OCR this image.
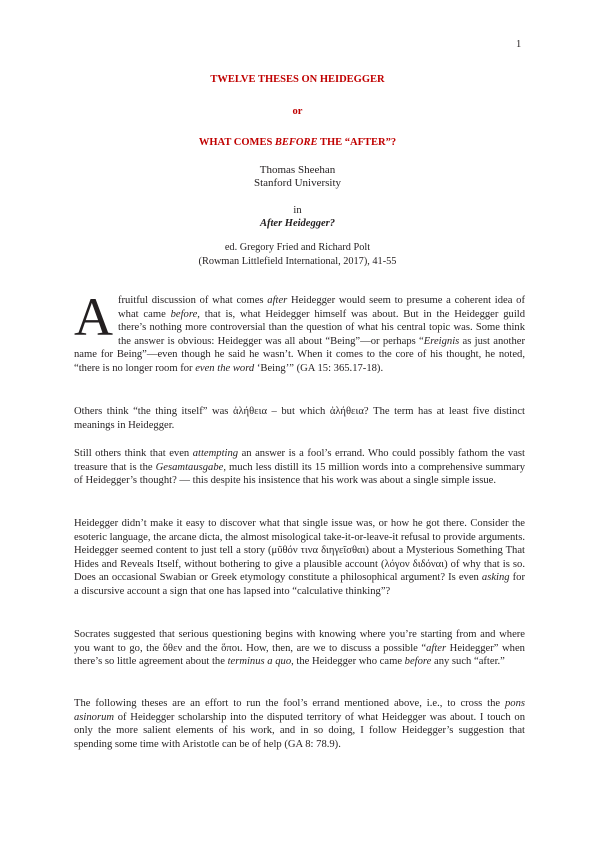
1
TWELVE THESES ON HEIDEGGER
or
WHAT COMES BEFORE THE “AFTER”?
Thomas Sheehan
Stanford University
in
After Heidegger?
ed. Gregory Fried and Richard Polt
(Rowman Littlefield International, 2017), 41-55

Afruitful discussion of what comes after Heidegger would seem to presume a coherent idea of what came before, that is, what Heidegger himself was about. But in the Heidegger guild there’s nothing more controversial than the question of what his central topic was. Some think the answer is obvious: Heidegger was all about “Being”—or perhaps “Ereignis as just another name for Being”—even though he said he wasn’t. When it comes to the core of his thought, he noted, “there is no longer room for even the word ‘Being’” (GA 15: 365.17-18).

Others think “the thing itself” was ἀλήθεια – but which ἀλήθεια? The term has at least five distinct meanings in Heidegger.

Still others think that even attempting an answer is a fool’s errand. Who could possibly fathom the vast treasure that is the Gesamtausgabe, much less distill its 15 million words into a comprehensive summary of Heidegger’s thought? — this despite his insistence that his work was about a single simple issue.

Heidegger didn’t make it easy to discover what that single issue was, or how he got there. Consider the esoteric language, the arcane dicta, the almost misological take-it-or-leave-it refusal to provide arguments. Heidegger seemed content to just tell a story (μῦθόν τινα διηγεῖσθαι) about a Mysterious Something That Hides and Reveals Itself, without bothering to give a plausible account (λόγον διδόναι) of why that is so. Does an occasional Swabian or Greek etymology constitute a philosophical argument? Is even asking for a discursive account a sign that one has lapsed into “calculative thinking”?

Socrates suggested that serious questioning begins with knowing where you’re starting from and where you want to go, the ὅθεν and the ὅποι. How, then, are we to discuss a possible “after Heidegger” when there’s so little agreement about the terminus a quo, the Heidegger who came before any such “after.”

The following theses are an effort to run the fool’s errand mentioned above, i.e., to cross the pons asinorum of Heidegger scholarship into the disputed territory of what Heidegger was about. I touch on only the more salient elements of his work, and in so doing, I follow Heidegger’s suggestion that spending some time with Aristotle can be of help (GA 8: 78.9).
